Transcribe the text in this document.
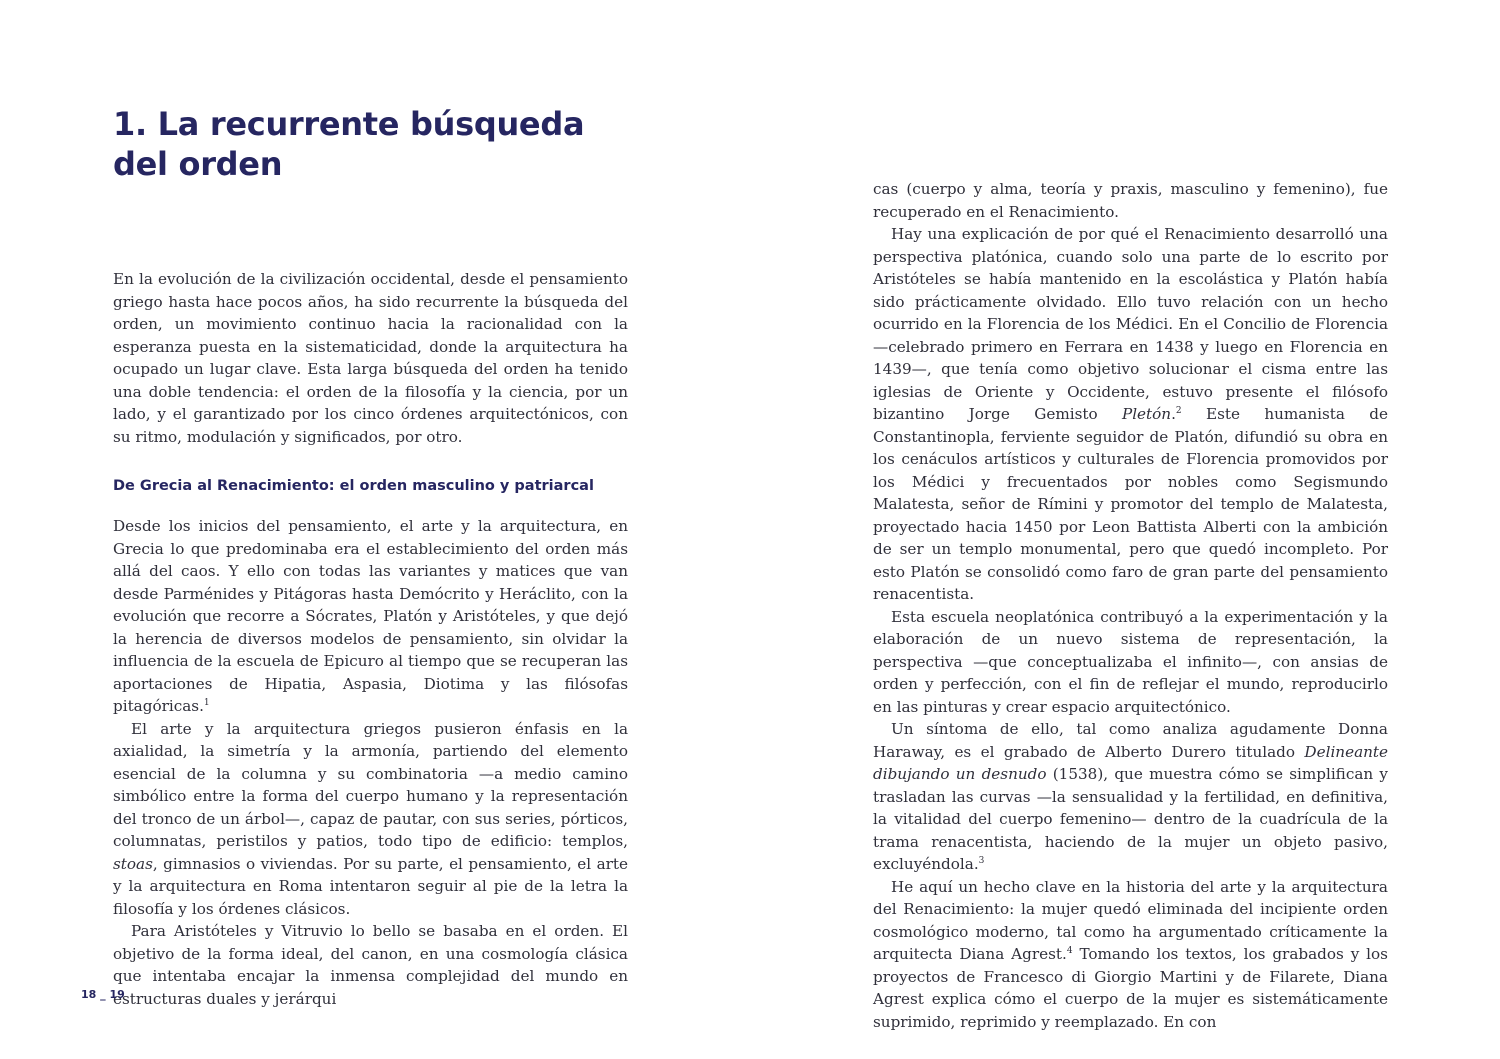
1. La recurrente búsqueda
del orden

En la evolución de la civilización occidental, desde el pensamiento griego hasta hace pocos años, ha sido recurrente la búsqueda del orden, un movimiento continuo hacia la racionalidad con la esperanza puesta en la sistematicidad, donde la arquitectura ha ocupado un lugar clave. Esta larga búsqueda del orden ha tenido una doble tendencia: el orden de la filosofía y la ciencia, por un lado, y el garantizado por los cinco órdenes arquitectónicos, con su ritmo, modulación y significados, por otro.

De Grecia al Renacimiento: el orden masculino y patriarcal

Desde los inicios del pensamiento, el arte y la arquitectura, en Grecia lo que predominaba era el establecimiento del orden más allá del caos. Y ello con todas las variantes y matices que van desde Parménides y Pitágoras hasta Demócrito y Heráclito, con la evolución que recorre a Sócrates, Platón y Aristóteles, y que dejó la herencia de diversos modelos de pensamiento, sin olvidar la influencia de la escuela de Epicuro al tiempo que se recuperan las aportaciones de Hipatia, Aspasia, Diotima y las filósofas pitagóricas.$^1$

El arte y la arquitectura griegos pusieron énfasis en la axialidad, la simetría y la armonía, partiendo del elemento esencial de la columna y su combinatoria —a medio camino simbólico entre la forma del cuerpo humano y la representación del tronco de un árbol—, capaz de pautar, con sus series, pórticos, columnatas, peristilos y patios, todo tipo de edificio: templos, stoas, gimnasios o viviendas. Por su parte, el pensamiento, el arte y la arquitectura en Roma intentaron seguir al pie de la letra la filosofía y los órdenes clásicos.

Para Aristóteles y Vitruvio lo bello se basaba en el orden. El objetivo de la forma ideal, del canon, en una cosmología clásica que intentaba encajar la inmensa complejidad del mundo en estructuras duales y jerárqui

18 _ 19

cas (cuerpo y alma, teoría y praxis, masculino y femenino), fue recuperado en el Renacimiento.

Hay una explicación de por qué el Renacimiento desarrolló una perspectiva platónica, cuando solo una parte de lo escrito por Aristóteles se había mantenido en la escolástica y Platón había sido prácticamente olvidado. Ello tuvo relación con un hecho ocurrido en la Florencia de los Médici. En el Concilio de Florencia —celebrado primero en Ferrara en 1438 y luego en Florencia en 1439—, que tenía como objetivo solucionar el cisma entre las iglesias de Oriente y Occidente, estuvo presente el filósofo bizantino Jorge Gemisto Pletón.$^2$ Este humanista de Constantinopla, ferviente seguidor de Platón, difundió su obra en los cenáculos artísticos y culturales de Florencia promovidos por los Médici y frecuentados por nobles como Segismundo Malatesta, señor de Rímini y promotor del templo de Malatesta, proyectado hacia 1450 por Leon Battista Alberti con la ambición de ser un templo monumental, pero que quedó incompleto. Por esto Platón se consolidó como faro de gran parte del pensamiento renacentista.

Esta escuela neoplatónica contribuyó a la experimentación y la elaboración de un nuevo sistema de representación, la perspectiva —que conceptualizaba el infinito—, con ansias de orden y perfección, con el fin de reflejar el mundo, reproducirlo en las pinturas y crear espacio arquitectónico.

Un síntoma de ello, tal como analiza agudamente Donna Haraway, es el grabado de Alberto Durero titulado Delineante dibujando un desnudo (1538), que muestra cómo se simplifican y trasladan las curvas —la sensualidad y la fertilidad, en definitiva, la vitalidad del cuerpo femenino— dentro de la cuadrícula de la trama renacentista, haciendo de la mujer un objeto pasivo, excluyéndola.$^3$

He aquí un hecho clave en la historia del arte y la arquitectura del Renacimiento: la mujer quedó eliminada del incipiente orden cosmológico moderno, tal como ha argumentado críticamente la arquitecta Diana Agrest.$^4$ Tomando los textos, los grabados y los proyectos de Francesco di Giorgio Martini y de Filarete, Diana Agrest explica cómo el cuerpo de la mujer es sistemáticamente suprimido, reprimido y reemplazado. En con
